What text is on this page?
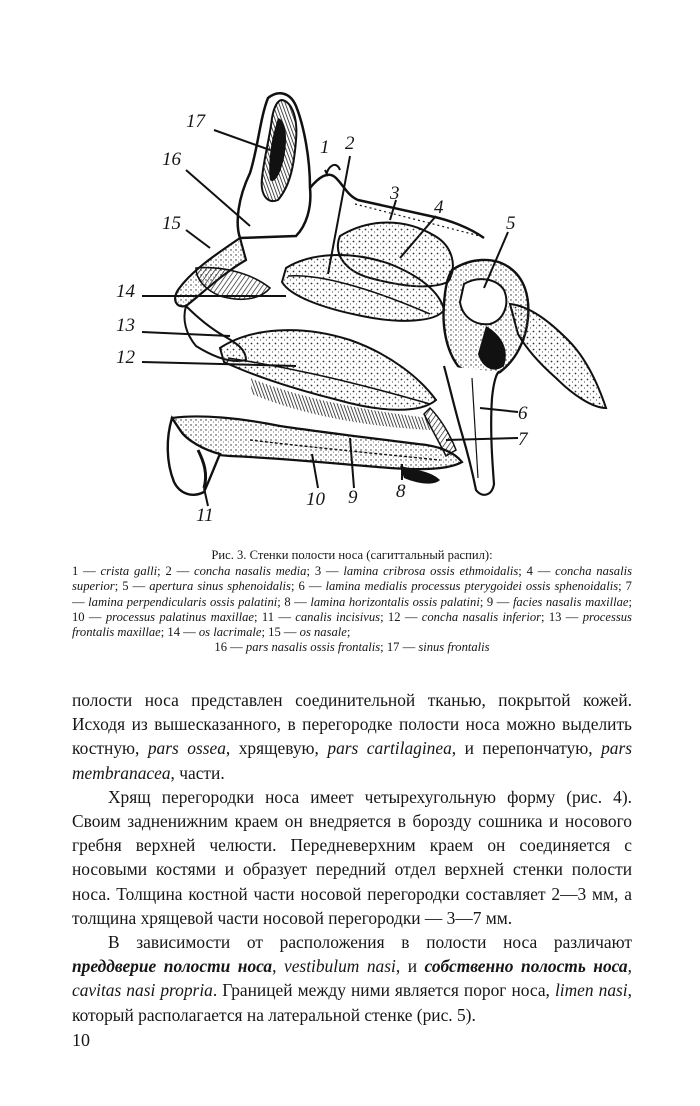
1 2
3
4
5
6
7
8
9
10
11
12
13
14
15
16
17
Рис. 3. Стенки полости носа (сагиттальный распил):
1 — crista galli; 2 — concha nasalis media; 3 — lamina cribrosa ossis ethmoidalis; 4 — concha nasalis superior; 5 — apertura sinus sphenoidalis; 6 — lamina medialis processus pterygoidei ossis sphenoidalis; 7 — lamina perpendicularis ossis palatini; 8 — lamina horizontalis ossis palatini; 9 — facies nasalis maxillae; 10 — processus palatinus maxillae; 11 — canalis incisivus; 12 — concha nasalis inferior; 13 — processus frontalis maxillae; 14 — os lacrimale; 15 — os nasale;
16 — pars nasalis ossis frontalis; 17 — sinus frontalis

полости носа представлен соединительной тканью, покрытой кожей. Исходя из вышесказанного, в перегородке полости носа можно выделить костную, pars ossea, хрящевую, pars cartilaginea, и перепончатую, pars membranacea, части.

Хрящ перегородки носа имеет четырехугольную форму (рис. 4). Своим задненижним краем он внедряется в борозду сошника и носового гребня верхней челюсти. Передневерхним краем он соединяется с носовыми костями и образует передний отдел верхней стенки полости носа. Толщина костной части носовой перегородки составляет 2—3 мм, а толщина хрящевой части носовой перегородки — 3—7 мм.

В зависимости от расположения в полости носа различают преддверие полости носа, vestibulum nasi, и собственно полость носа, cavitas nasi propria. Границей между ними является порог носа, limen nasi, который располагается на латеральной стенке (рис. 5).

10
